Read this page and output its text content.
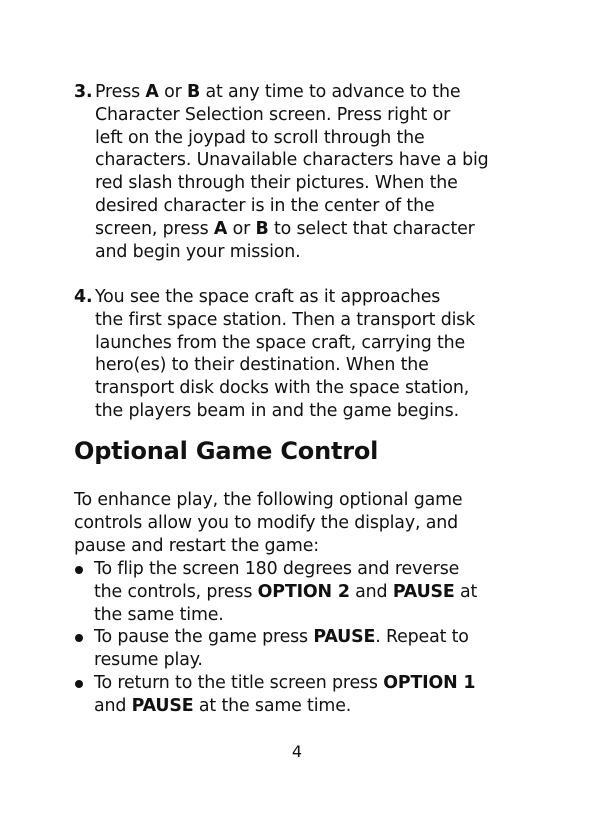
3. Press A or B at any time to advance to the
Character Selection screen. Press right or
left on the joypad to scroll through the
characters. Unavailable characters have a big
red slash through their pictures. When the
desired character is in the center of the
screen, press A or B to select that character
and begin your mission.
4. You see the space craft as it approaches
the first space station. Then a transport disk
launches from the space craft, carrying the
hero(es) to their destination. When the
transport disk docks with the space station,
the players beam in and the game begins.
Optional Game Control
To enhance play, the following optional game
controls allow you to modify the display, and
pause and restart the game:
To flip the screen 180 degrees and reverse
the controls, press OPTION 2 and PAUSE at
the same time.
To pause the game press PAUSE. Repeat to
resume play.
To return to the title screen press OPTION 1
and PAUSE at the same time.
4
